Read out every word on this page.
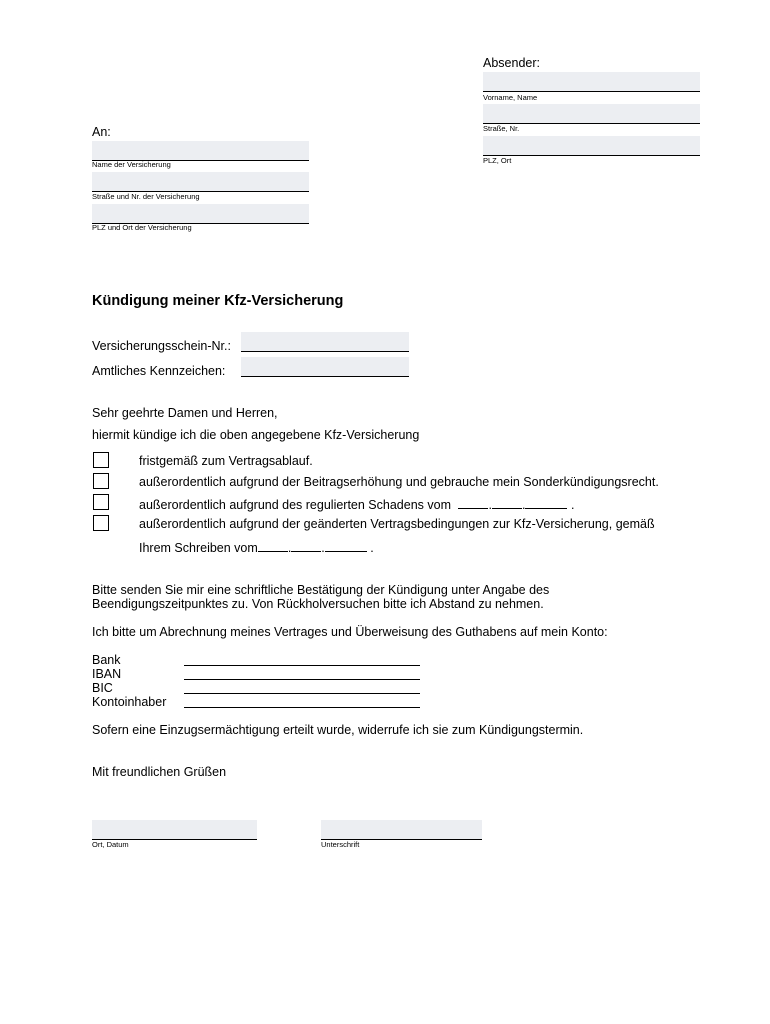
Absender:
Vorname, Name
Straße, Nr.
PLZ, Ort
An:
Name der Versicherung
Straße und Nr. der Versicherung
PLZ und Ort der Versicherung
Kündigung meiner Kfz-Versicherung
Versicherungsschein-Nr.:
Amtliches Kennzeichen:
Sehr geehrte Damen und Herren,
hiermit kündige ich die oben angegebene Kfz-Versicherung
fristgemäß zum Vertragsablauf.
außerordentlich aufgrund der Beitragserhöhung und gebrauche mein Sonderkündigungsrecht.
außerordentlich aufgrund des regulierten Schadens vom	. .	.
außerordentlich aufgrund der geänderten Vertragsbedingungen zur Kfz-Versicherung, gemäß
Ihrem Schreiben vom . .	.
Bitte senden Sie mir eine schriftliche Bestätigung der Kündigung unter Angabe des
Beendigungszeitpunktes zu. Von Rückholversuchen bitte ich Abstand zu nehmen.
Ich bitte um Abrechnung meines Vertrages und Überweisung des Guthabens auf mein Konto:
Bank
IBAN
BIC
Kontoinhaber
Sofern eine Einzugsermächtigung erteilt wurde, widerrufe ich sie zum Kündigungstermin.
Mit freundlichen Grüßen
Ort, Datum	Unterschrift
